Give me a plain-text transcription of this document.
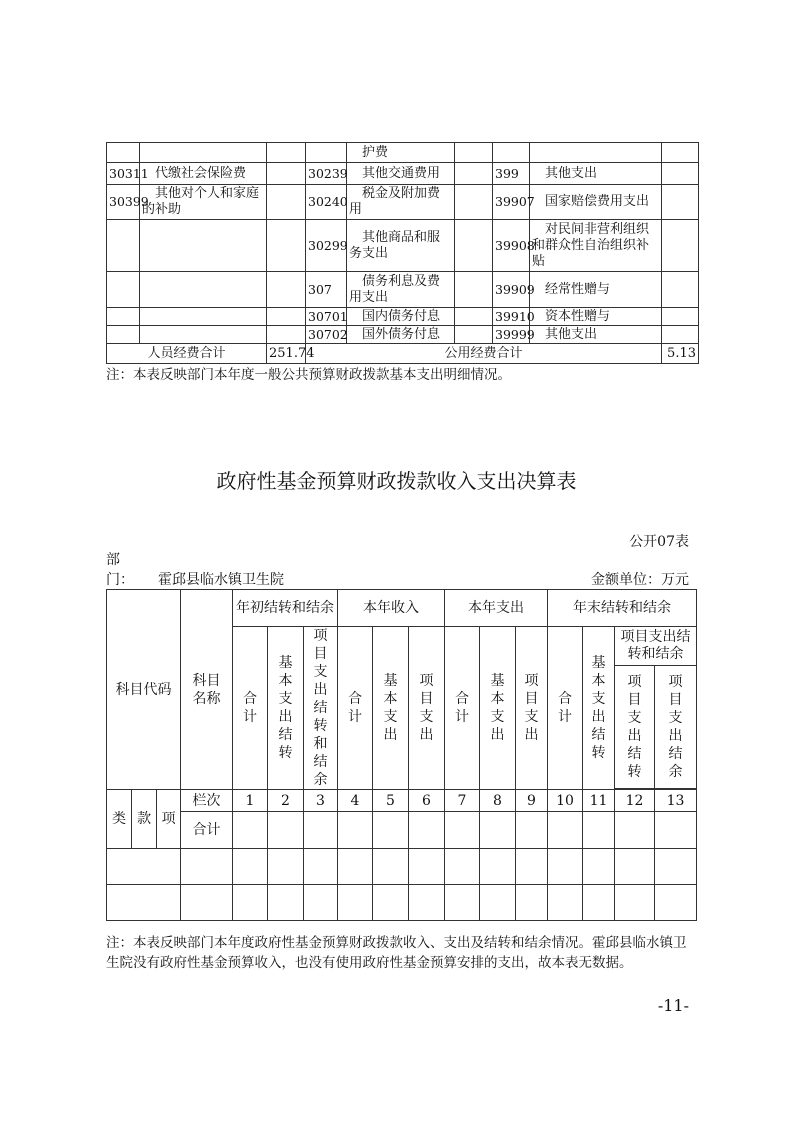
				护费				
30311	代缴社会保险费		30239	其他交通费用		399	其他支出	
30399	其他对个人和家庭的补助		30240	税金及附加费用		39907	国家赔偿费用支出	
			30299	其他商品和服务支出		39908	对民间非营利组织和群众性自治组织补贴	
			307	债务利息及费用支出		39909	经常性赠与	
			30701	国内债务付息		39910	资本性赠与	
			30702	国外债务付息		39999	其他支出	
人员经费合计		251.74	公用经费合计					5.13
注：本表反映部门本年度一般公共预算财政拨款基本支出明细情况。
政府性基金预算财政拨款收入支出决算表
公开07表
部
门： 霍邱县临水镇卫生院	金额单位：万元
科目代码	科目名称	年初结转和结余	本年收入	本年支出	年末结转和结余
合计	基本支出结转	项目支出结转和结余	合计	基本支出	项目支出	合计	基本支出	项目支出	合计	基本支出结转	项目支出结转和结余
项目支出结转	项目支出结余

类	款	项
	栏次	1	2	3	4	5	6	7	8	9	10	11	12	13
合计													

注：本表反映部门本年度政府性基金预算财政拨款收入、支出及结转和结余情况。霍邱县临水镇卫生院没有政府性基金预算收入，也没有使用政府性基金预算安排的支出，故本表无数据。
-11-
